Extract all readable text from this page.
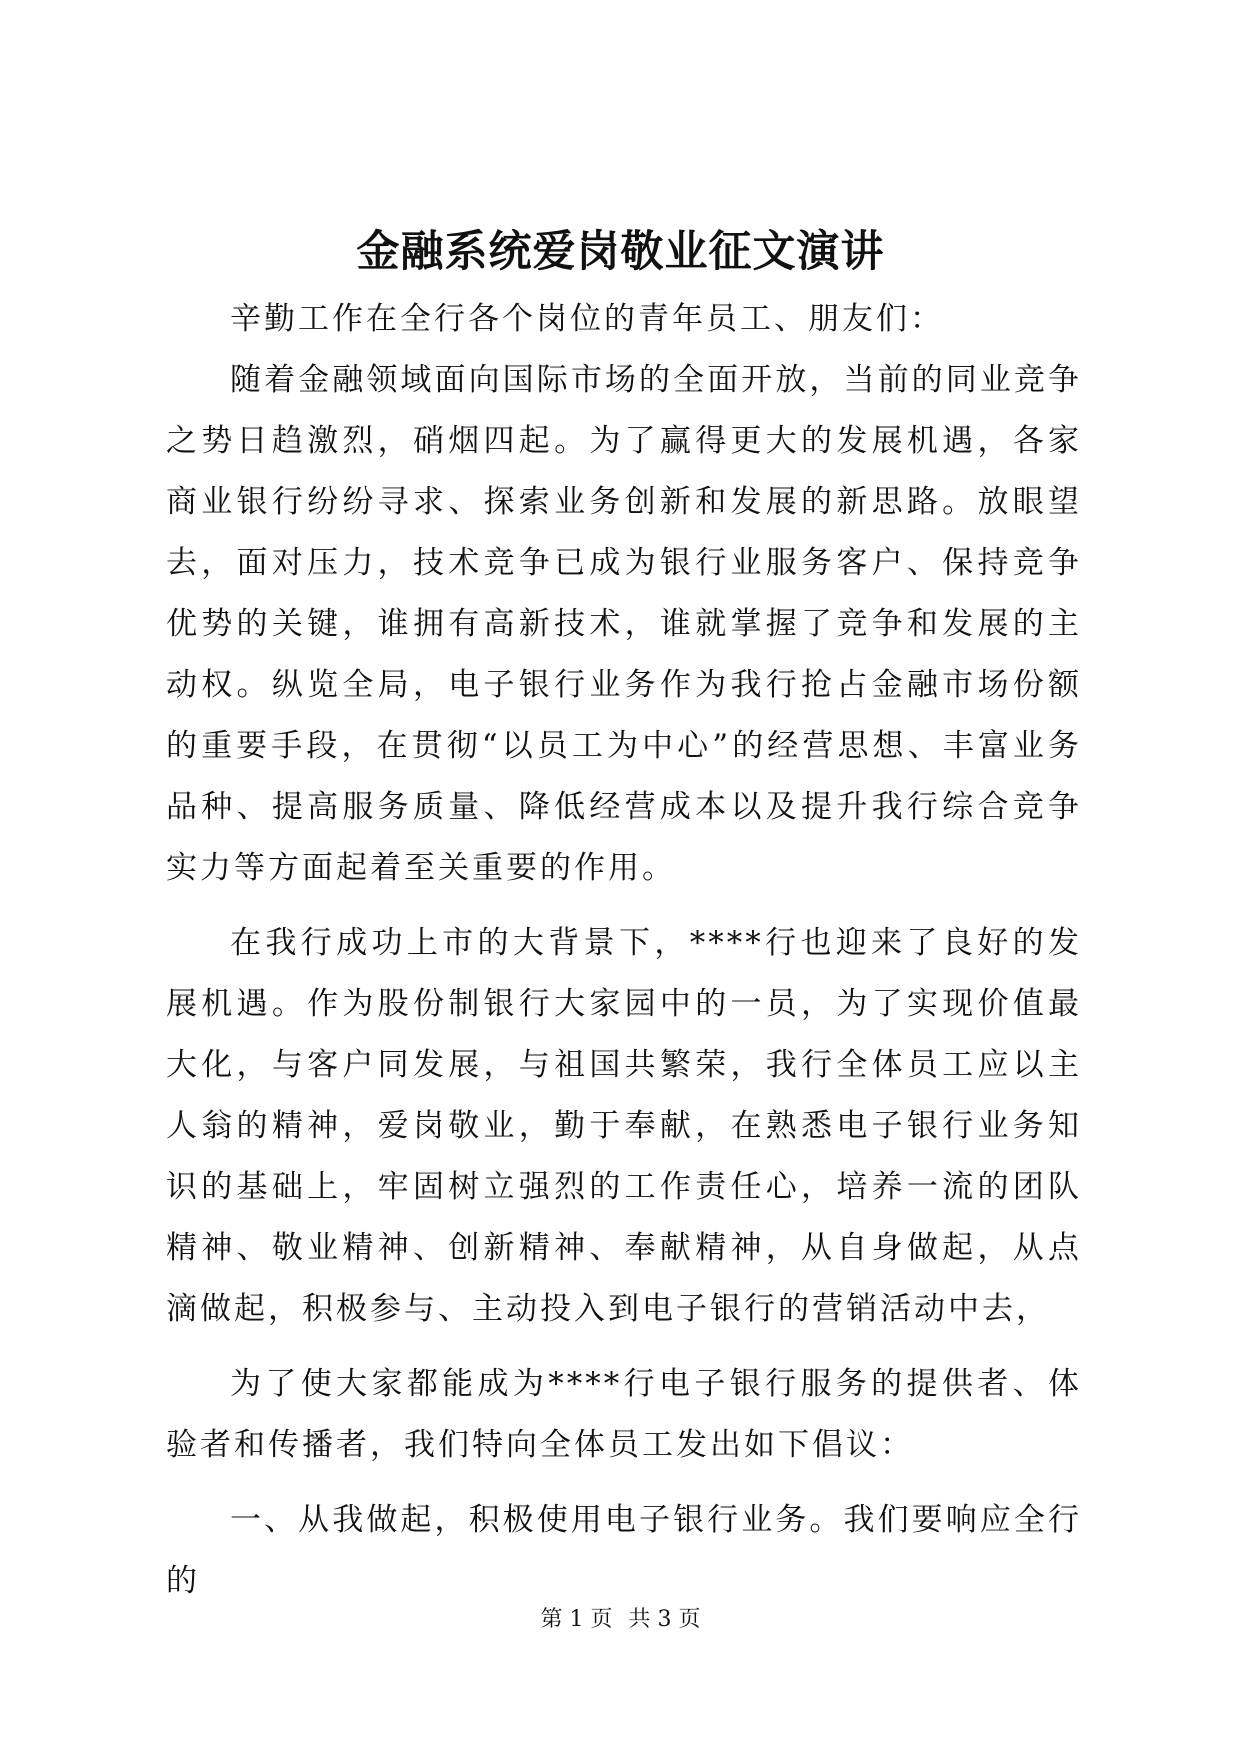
金融系统爱岗敬业征文演讲

辛勤工作在全行各个岗位的青年员工、朋友们：

随着金融领域面向国际市场的全面开放，当前的同业竞争之势日趋激烈，硝烟四起。为了赢得更大的发展机遇，各家商业银行纷纷寻求、探索业务创新和发展的新思路。放眼望去，面对压力，技术竞争已成为银行业服务客户、保持竞争优势的关键，谁拥有高新技术，谁就掌握了竞争和发展的主动权。纵览全局，电子银行业务作为我行抢占金融市场份额的重要手段，在贯彻“以员工为中心”的经营思想、丰富业务品种、提高服务质量、降低经营成本以及提升我行综合竞争实力等方面起着至关重要的作用。

在我行成功上市的大背景下，****行也迎来了良好的发展机遇。作为股份制银行大家园中的一员，为了实现价值最大化，与客户同发展，与祖国共繁荣，我行全体员工应以主人翁的精神，爱岗敬业，勤于奉献，在熟悉电子银行业务知识的基础上，牢固树立强烈的工作责任心，培养一流的团队精神、敬业精神、创新精神、奉献精神，从自身做起，从点滴做起，积极参与、主动投入到电子银行的营销活动中去，

为了使大家都能成为****行电子银行服务的提供者、体验者和传播者，我们特向全体员工发出如下倡议：

一、从我做起，积极使用电子银行业务。我们要响应全行的

第 1 页 共 3 页
